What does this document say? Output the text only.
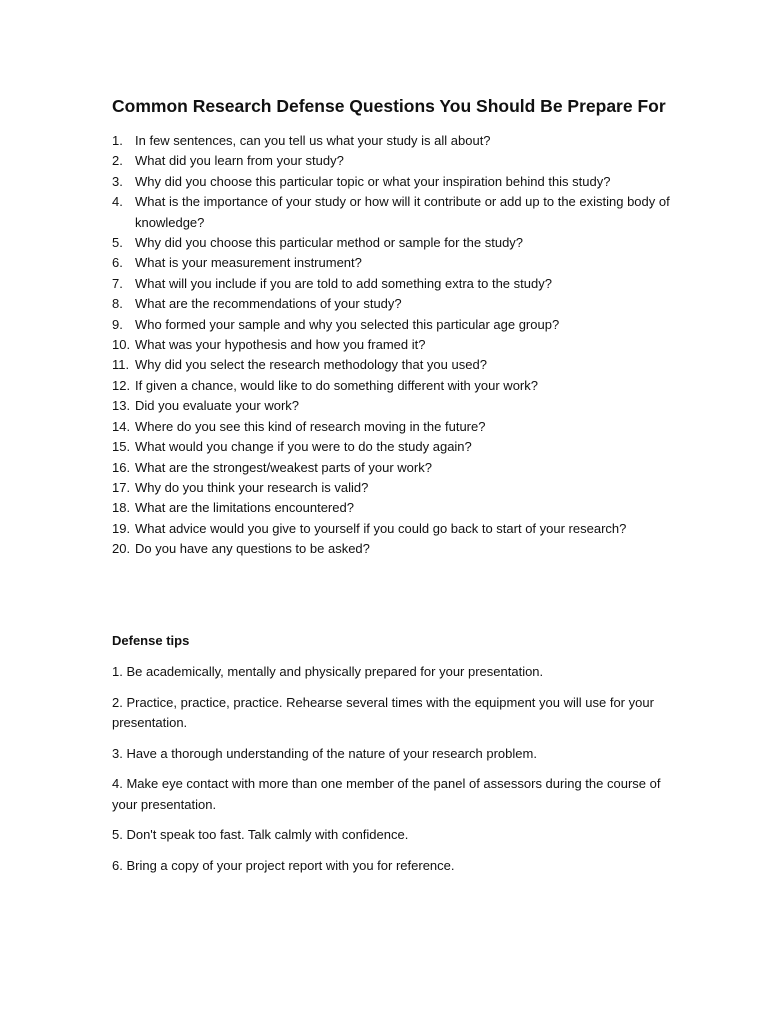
Common Research Defense Questions You Should Be Prepare For
1. In few sentences, can you tell us what your study is all about?
2. What did you learn from your study?
3. Why did you choose this particular topic or what your inspiration behind this study?
4. What is the importance of your study or how will it contribute or add up to the existing body of knowledge?
5. Why did you choose this particular method or sample for the study?
6. What is your measurement instrument?
7. What will you include if you are told to add something extra to the study?
8. What are the recommendations of your study?
9. Who formed your sample and why you selected this particular age group?
10. What was your hypothesis and how you framed it?
11. Why did you select the research methodology that you used?
12. If given a chance, would like to do something different with your work?
13. Did you evaluate your work?
14. Where do you see this kind of research moving in the future?
15. What would you change if you were to do the study again?
16. What are the strongest/weakest parts of your work?
17. Why do you think your research is valid?
18. What are the limitations encountered?
19. What advice would you give to yourself if you could go back to start of your research?
20. Do you have any questions to be asked?
Defense tips
1. Be academically, mentally and physically prepared for your presentation.
2. Practice, practice, practice. Rehearse several times with the equipment you will use for your presentation.
3. Have a thorough understanding of the nature of your research problem.
4. Make eye contact with more than one member of the panel of assessors during the course of your presentation.
5. Don't speak too fast. Talk calmly with confidence.
6. Bring a copy of your project report with you for reference.
